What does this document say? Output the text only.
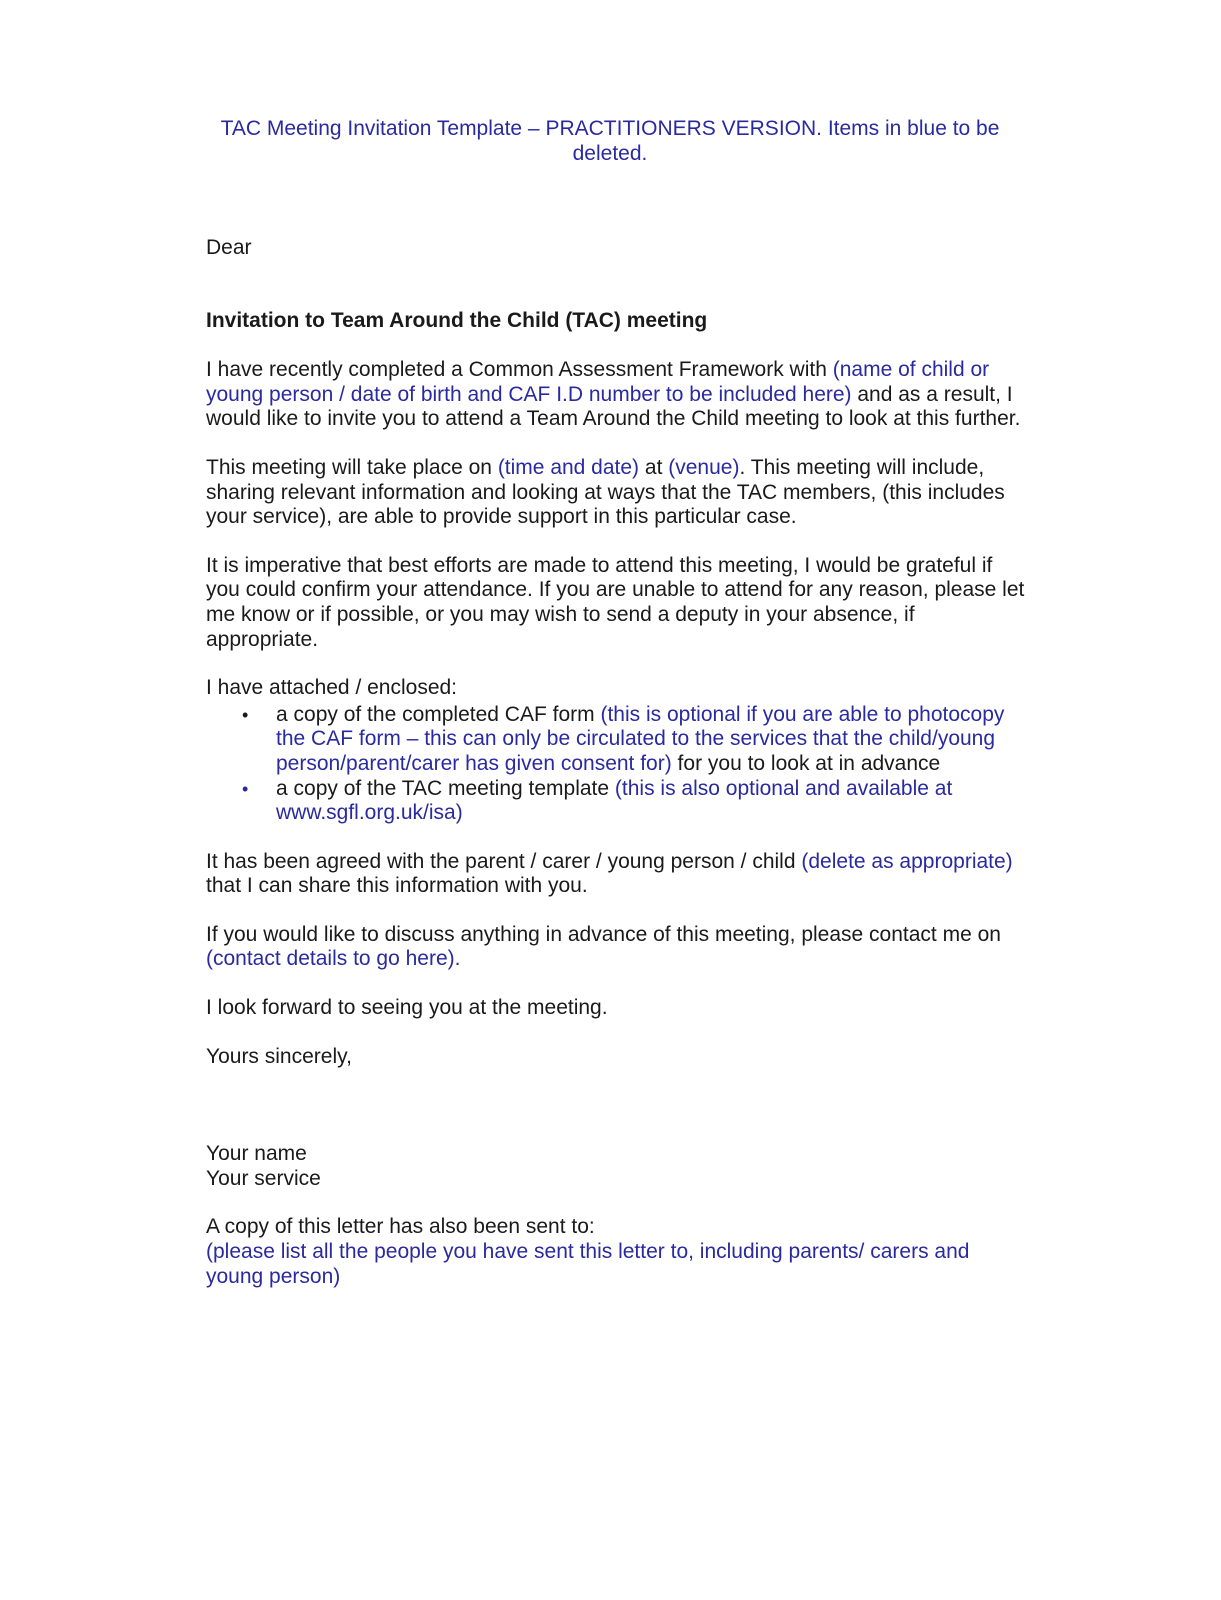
TAC Meeting Invitation Template – PRACTITIONERS VERSION. Items in blue to be
deleted.

Dear

Invitation to Team Around the Child (TAC) meeting

I have recently completed a Common Assessment Framework with (name of child or young person / date of birth and CAF I.D number to be included here) and as a result, I would like to invite you to attend a Team Around the Child meeting to look at this further.

This meeting will take place on (time and date) at (venue). This meeting will include, sharing relevant information and looking at ways that the TAC members, (this includes your service), are able to provide support in this particular case.

It is imperative that best efforts are made to attend this meeting, I would be grateful if you could confirm your attendance. If you are unable to attend for any reason, please let me know or if possible, or you may wish to send a deputy in your absence, if appropriate.

I have attached / enclosed:

• a copy of the completed CAF form (this is optional if you are able to photocopy the CAF form – this can only be circulated to the services that the child/young person/parent/carer has given consent for) for you to look at in advance
• a copy of the TAC meeting template (this is also optional and available at www.sgfl.org.uk/isa)

It has been agreed with the parent / carer / young person / child (delete as appropriate) that I can share this information with you.

If you would like to discuss anything in advance of this meeting, please contact me on (contact details to go here).

I look forward to seeing you at the meeting.

Yours sincerely,

Your name

Your service

A copy of this letter has also been sent to:

(please list all the people you have sent this letter to, including parents/ carers and young person)
